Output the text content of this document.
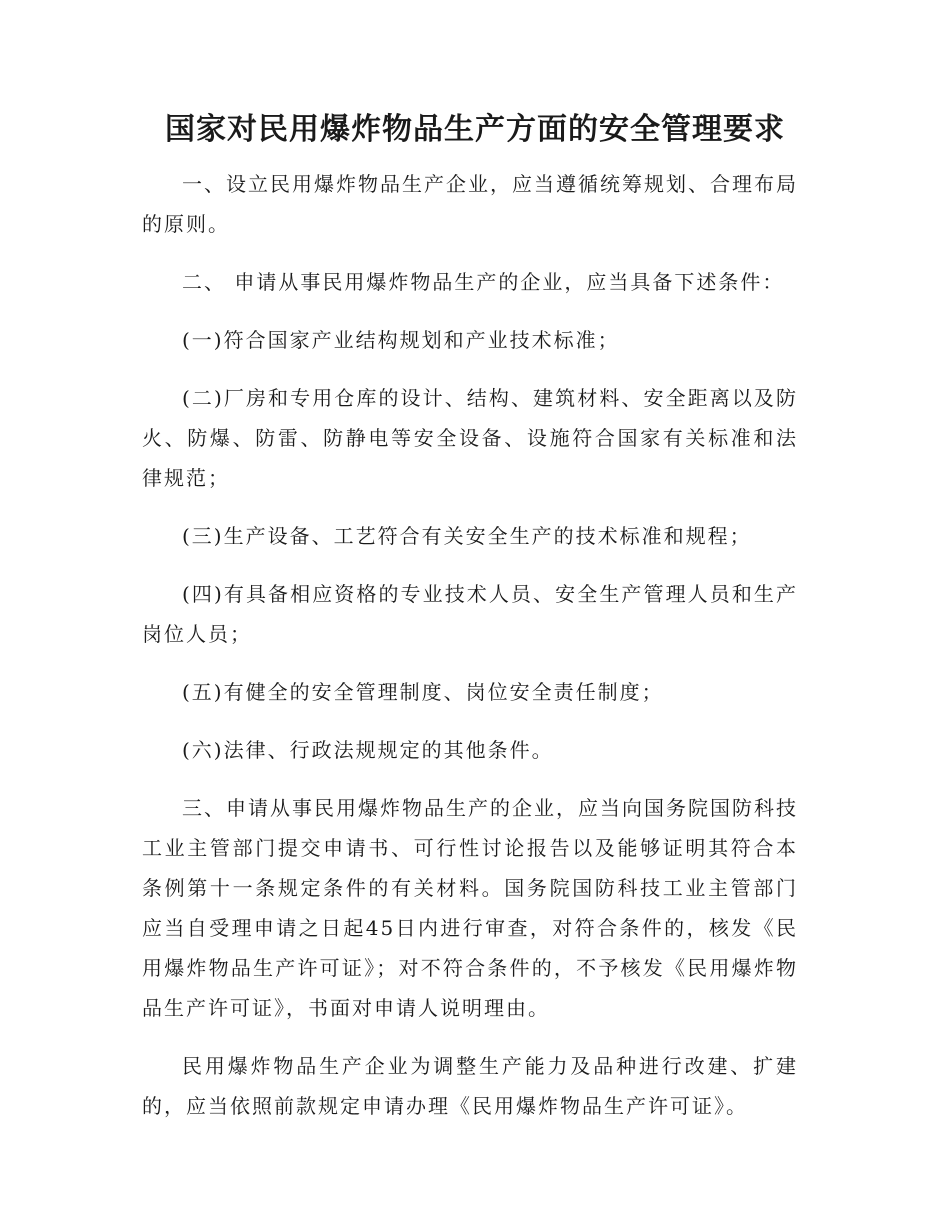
国家对民用爆炸物品生产方面的安全管理要求

一、设立民用爆炸物品生产企业，应当遵循统筹规划、合理布局的原则。

二、 申请从事民用爆炸物品生产的企业，应当具备下述条件：

(一)符合国家产业结构规划和产业技术标准；

(二)厂房和专用仓库的设计、结构、建筑材料、安全距离以及防火、防爆、防雷、防静电等安全设备、设施符合国家有关标准和法律规范；

(三)生产设备、工艺符合有关安全生产的技术标准和规程；

(四)有具备相应资格的专业技术人员、安全生产管理人员和生产岗位人员；

(五)有健全的安全管理制度、岗位安全责任制度；

(六)法律、行政法规规定的其他条件。

三、申请从事民用爆炸物品生产的企业，应当向国务院国防科技工业主管部门提交申请书、可行性讨论报告以及能够证明其符合本条例第十一条规定条件的有关材料。国务院国防科技工业主管部门应当自受理申请之日起45日内进行审查，对符合条件的，核发《民用爆炸物品生产许可证》；对不符合条件的，不予核发《民用爆炸物品生产许可证》，书面对申请人说明理由。

民用爆炸物品生产企业为调整生产能力及品种进行改建、扩建的，应当依照前款规定申请办理《民用爆炸物品生产许可证》。
